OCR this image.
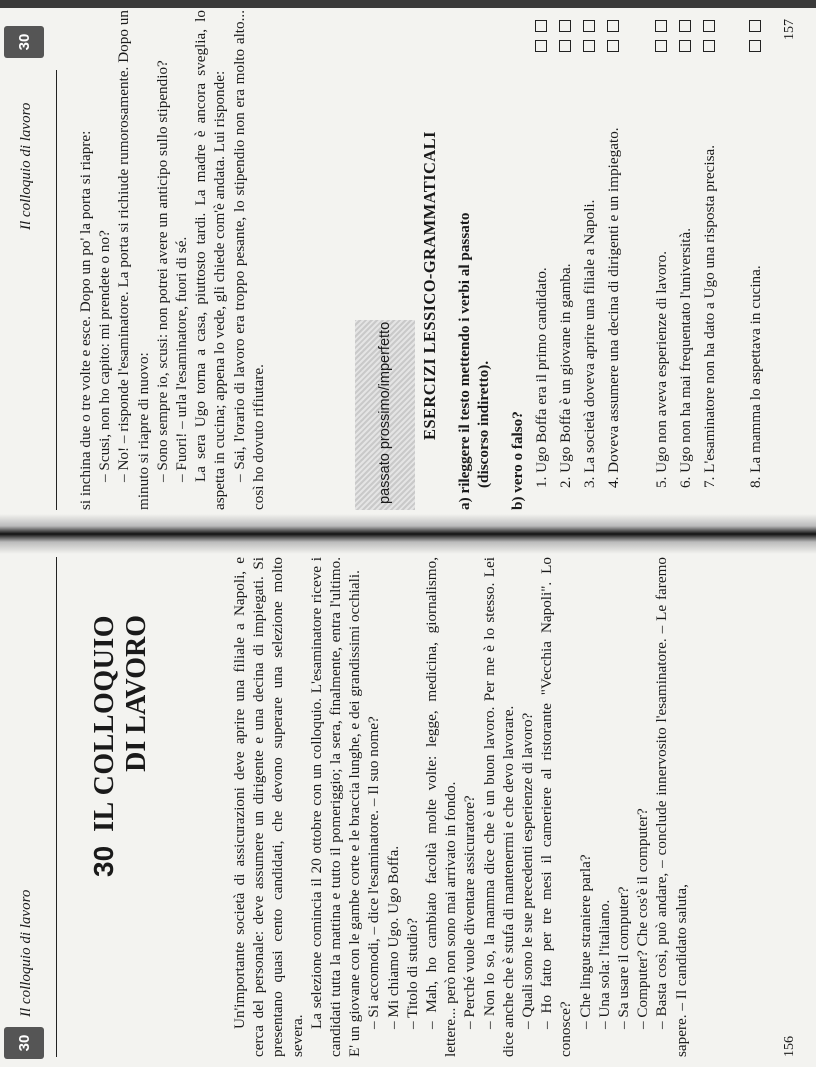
30
Il colloquio di lavoro
30 IL COLLOQUIO DI LAVORO	Un'importante società di assicurazioni deve aprire una filiale a Napoli, e cerca del personale: deve assumere un dirigente e una decina di impiegati. Si presentano quasi cento candidati, che devono superare una selezione molto severa.

La selezione comincia il 20 ottobre con un colloquio. L'esaminatore riceve i candidati tutta la mattina e tutto il pomeriggio; la sera, finalmente, entra l'ultimo. E' un giovane con le gambe corte e le braccia lunghe, e dei grandissimi occhiali. – Si accomodi, – dice l'esaminatore. – Il suo nome? – Mi chiamo Ugo. Ugo Boffa. – Titolo di studio? – Mah, ho cambiato facoltà molte volte: legge, medicina, giornalismo, lettere... però non sono mai arrivato in fondo. – Perché vuole diventare assicuratore? – Non lo so, la mamma dice che è un buon lavoro. Per me è lo stesso. Lei dice anche che è stufa di mantenermi e che devo lavorare. – Quali sono le sue precedenti esperienze di lavoro? – Ho fatto per tre mesi il cameriere al ristorante "Vecchia Napoli". Lo conosce?

– Che lingue straniere parla? – Una sola: l'italiano. – Sa usare il computer? – Computer? Che cos'è il computer? – Basta così, può andare, – conclude innervosito l'esaminatore. – Le faremo sapere. – Il candidato saluta,	156
Il colloquio di lavoro
30

si inchina due o tre volte e esce. Dopo un po' la porta si riapre: – Scusi, non ho capito: mi prendete o no? – No! – risponde l'esaminatore. La porta si richiude rumorosamente. Dopo un minuto si riapre di nuovo: – Sono sempre io, scusi: non potrei avere un anticipo sullo stipendio? – Fuori! – urla l'esaminatore, fuori di sé. La sera Ugo torna a casa, piuttosto tardi. La madre è ancora sveglia, lo aspetta in cucina; appena lo vede, gli chiede com'è andata. Lui risponde: – Sai, l'orario di lavoro era troppo pesante, lo stipendio non era molto alto... così ho dovuto rifiutare.	passato prossimo/imperfetto	ESERCIZI LESSICO-GRAMMATICALI
a) rileggere il testo mettendo i verbi al passato (discorso indiretto).
b) vero o falso? 1. Ugo Boffa era il primo candidato.
2. Ugo Boffa è un giovane in gamba.
3. La società doveva aprire una filiale a Napoli.
4. Doveva assumere una decina di dirigenti e un impiegato.
5. Ugo non aveva esperienze di lavoro.
6. Ugo non ha mai frequentato l'università.
7. L'esaminatore non ha dato a Ugo una risposta precisa.
8. La mamma lo aspettava in cucina.
157
